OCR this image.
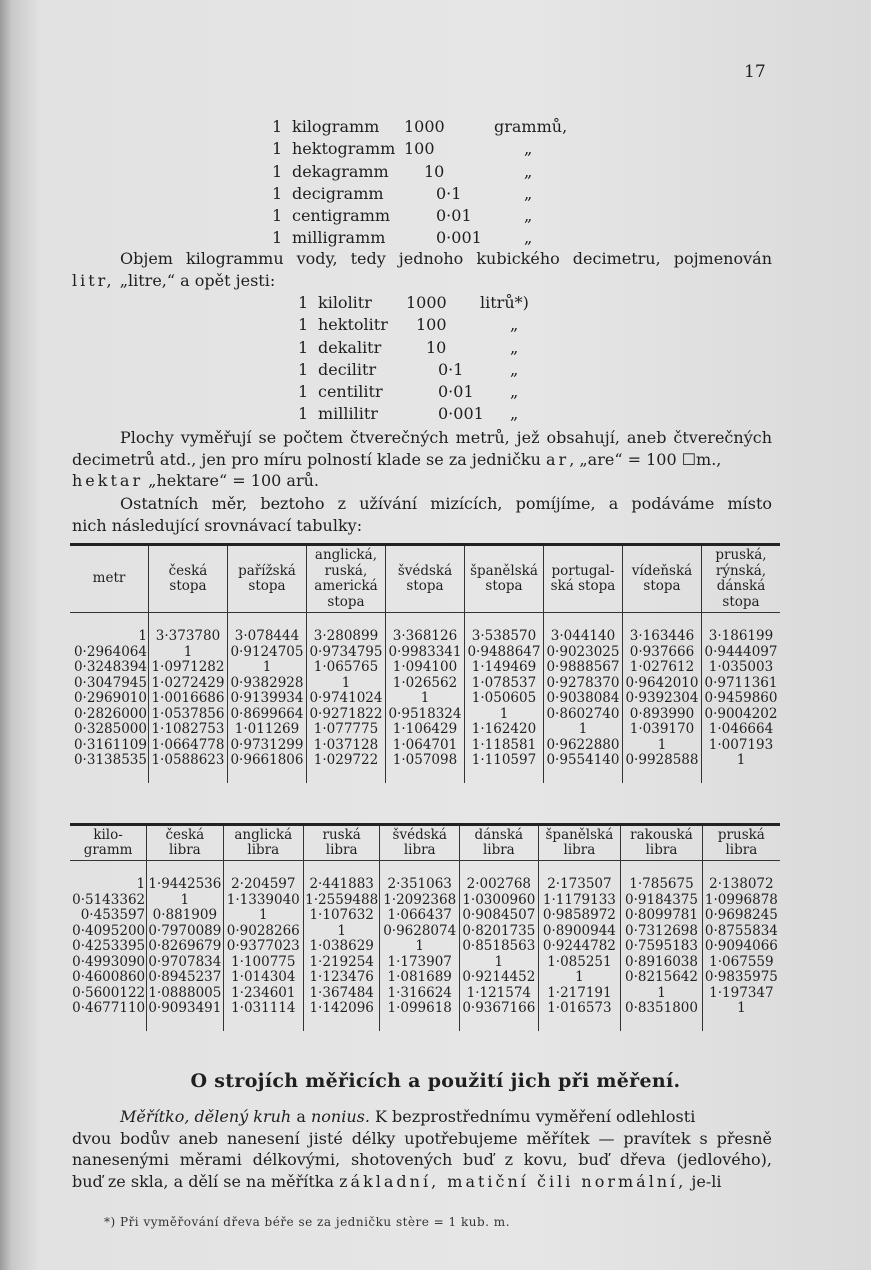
17
1 kilogramm 1000	grammů,
1 hektogramm 100	„
1 dekagramm 10	„
1 decigramm	0·1	„
1 centigramm	0·01	„
1 milligramm	0·001	„
Objem kilogrammu vody, tedy jednoho kubického decimetru, pojmenován
litr, „litre,“ a opět jesti:
1 kilolitr 1000 litrů*)
1 hektolitr 100	„
1 dekalitr	10	„
1 decilitr	0·1	„
1 centilitr	0·01 „
1 millilitr	0·001 „
Plochy vyměřují se počtem čtverečných metrů, jež obsahují, aneb čtverečných
decimetrů atd., jen pro míru polností klade se za jedničku ar, „are“ = 100 ☐m.,
hektar „hektare“ = 100 arů.
Ostatních měr, beztoho z užívání mizících, pomíjíme, a podáváme místo
nich následující srovnávací tabulky:
metr	česká stopa	pařížská stopa	anglická, ruská, americká stopa	švédská stopa	španělská stopa	portugal-ská stopa	vídeňská stopa	pruská, rýnská, dánská stopa
1	3·373780	3·078444	3·280899	3·368126	3·538570	3·044140	3·163446	3·186199
0·2964064	1	0·9124705	0·9734795	0·9983341	0·9488647	0·9023025	0·937666	0·9444097
0·3248394	1·0971282	1	1·065765	1·094100	1·149469	0·9888567	1·027612	1·035003
0·3047945	1·0272429	0·9382928	1	1·026562	1·078537	0·9278370	0·9642010	0·9711361
0·2969010	1·0016686	0·9139934	0·9741024	1	1·050605	0·9038084	0·9392304	0·9459860
0·2826000	1·0537856	0·8699664	0·9271822	0·9518324	1	0·8602740	0·893990	0·9004202
0·3285000	1·1082753	1·011269	1·077775	1·106429	1·162420	1	1·039170	1·046664
0·3161109	1·0664778	0·9731299	1·037128	1·064701	1·118581	0·9622880	1	1·007193
0·3138535	1·0588623	0·9661806	1·029722	1·057098	1·110597	0·9554140	0·9928588	1
kilo-gramm	česká libra	anglická libra	ruská libra	švédská libra	dánská libra	španělská libra	rakouská libra	pruská libra
1	1·9442536	2·204597	2·441883	2·351063	2·002768	2·173507	1·785675	2·138072
0·5143362	1	1·1339040	1·2559488	1·2092368	1·0300960	1·1179133	0·9184375	1·0996878
0·453597	0·881909	1	1·107632	1·066437	0·9084507	0·9858972	0·8099781	0·9698245
0·4095200	0·7970089	0·9028266	1	0·9628074	0·8201735	0·8900944	0·7312698	0·8755834
0·4253395	0·8269679	0·9377023	1·038629	1	0·8518563	0·9244782	0·7595183	0·9094066
0·4993090	0·9707834	1·100775	1·219254	1·173907	1	1·085251	0·8916038	1·067559
0·4600860	0·8945237	1·014304	1·123476	1·081689	0·9214452	1	0·8215642	0·9835975
0·5600122	1·0888005	1·234601	1·367484	1·316624	1·121574	1·217191	1	1·197347
0·4677110	0·9093491	1·031114	1·142096	1·099618	0·9367166	1·016573	0·8351800	1
O strojích měřicích a použití jich při měření.
Měřítko, dělený kruh a nonius. K bezprostřednímu vyměření odlehlosti
dvou bodův aneb nanesení jisté délky upotřebujeme měřítek — pravítek s přesně
nanesenými měrami délkovými, shotovených buď z kovu, buď dřeva (jedlového),
buď ze skla, a dělí se na měřítka základní, matiční čili normální, je-li
*) Při vyměřování dřeva béře se za jedničku stère = 1 kub. m.
